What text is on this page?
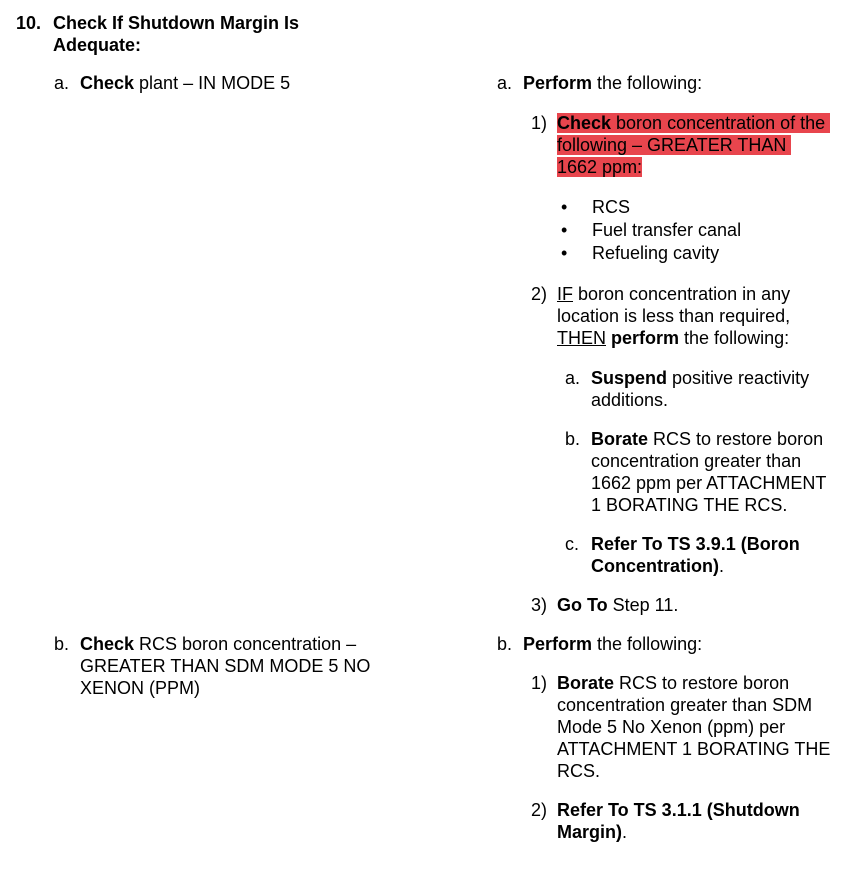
10. Check If Shutdown Margin Is
Adequate:
a. Check plant – IN MODE 5
b. Check RCS boron concentration –
GREATER THAN SDM MODE 5 NO
XENON (PPM)
a. Perform the following:
1) Check boron concentration of the
following – GREATER THAN
1662 ppm:
• RCS
• Fuel transfer canal
• Refueling cavity
2) IF boron concentration in any
location is less than required,
THEN perform the following:
a. Suspend positive reactivity
additions.
b. Borate RCS to restore boron
concentration greater than
1662 ppm per ATTACHMENT
1 BORATING THE RCS.
c. Refer To TS 3.9.1 (Boron
Concentration).
3) Go To Step 11.
b. Perform the following:
1) Borate RCS to restore boron
concentration greater than SDM
Mode 5 No Xenon (ppm) per
ATTACHMENT 1 BORATING THE
RCS.
2) Refer To TS 3.1.1 (Shutdown
Margin).
